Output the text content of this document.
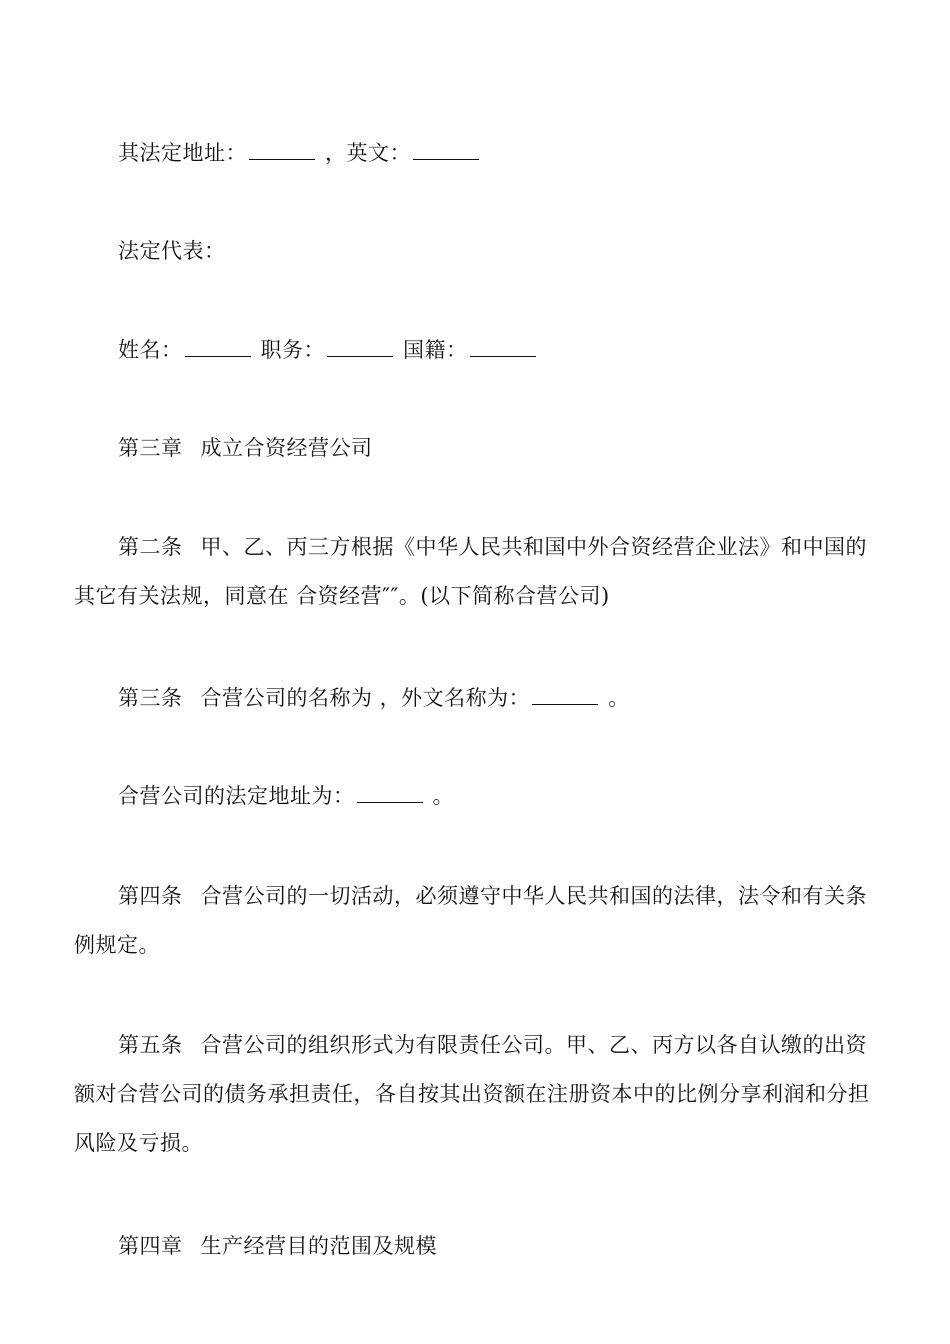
其法定地址：	，英文：
法定代表：
姓名：	职务：	国籍：
第三章 成立合资经营公司
第二条 甲、乙、丙三方根据《中华人民共和国中外合资经营企业法》和中国的其它有关法规，同意在 合资经营″″。(以下简称合营公司)
第三条 合营公司的名称为 ，外文名称为：	。
合营公司的法定地址为：	。
第四条 合营公司的一切活动，必须遵守中华人民共和国的法律，法令和有关条例规定。
第五条 合营公司的组织形式为有限责任公司。甲、乙、丙方以各自认缴的出资额对合营公司的债务承担责任，各自按其出资额在注册资本中的比例分享利润和分担风险及亏损。
第四章 生产经营目的范围及规模
